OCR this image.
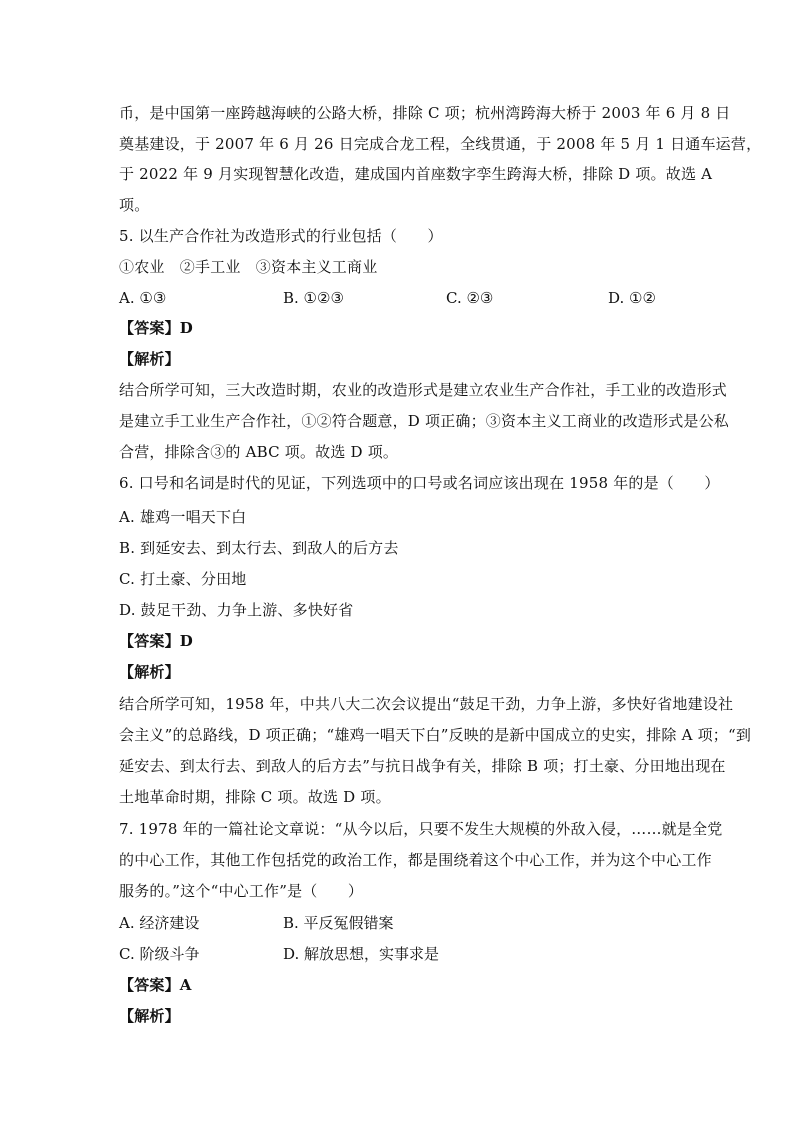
币，是中国第一座跨越海峡的公路大桥，排除 C 项；杭州湾跨海大桥于 2003 年 6 月 8 日
奠基建设，于 2007 年 6 月 26 日完成合龙工程，全线贯通，于 2008 年 5 月 1 日通车运营，
于 2022 年 9 月实现智慧化改造，建成国内首座数字孪生跨海大桥，排除 D 项。故选 A
项。
5. 以生产合作社为改造形式的行业包括（　　）
①农业　②手工业　③资本主义工商业
A. ①③	B. ①②③	C. ②③	D. ①②
【答案】D
【解析】
结合所学可知，三大改造时期，农业的改造形式是建立农业生产合作社，手工业的改造形式
是建立手工业生产合作社，①②符合题意，D 项正确；③资本主义工商业的改造形式是公私
合营，排除含③的 ABC 项。故选 D 项。
6. 口号和名词是时代的见证，下列选项中的口号或名词应该出现在 1958 年的是（　　）
A. 雄鸡一唱天下白
B. 到延安去、到太行去、到敌人的后方去
C. 打土豪、分田地
D. 鼓足干劲、力争上游、多快好省
【答案】D
【解析】
结合所学可知，1958 年，中共八大二次会议提出“鼓足干劲，力争上游，多快好省地建设社
会主义”的总路线，D 项正确；“雄鸡一唱天下白”反映的是新中国成立的史实，排除 A 项；“到
延安去、到太行去、到敌人的后方去”与抗日战争有关，排除 B 项；打土豪、分田地出现在
土地革命时期，排除 C 项。故选 D 项。
7. 1978 年的一篇社论文章说：“从今以后，只要不发生大规模的外敌入侵，……就是全党
的中心工作，其他工作包括党的政治工作，都是围绕着这个中心工作，并为这个中心工作
服务的。”这个“中心工作”是（　　）
A. 经济建设	B. 平反冤假错案
C. 阶级斗争	D. 解放思想，实事求是
【答案】A
【解析】
